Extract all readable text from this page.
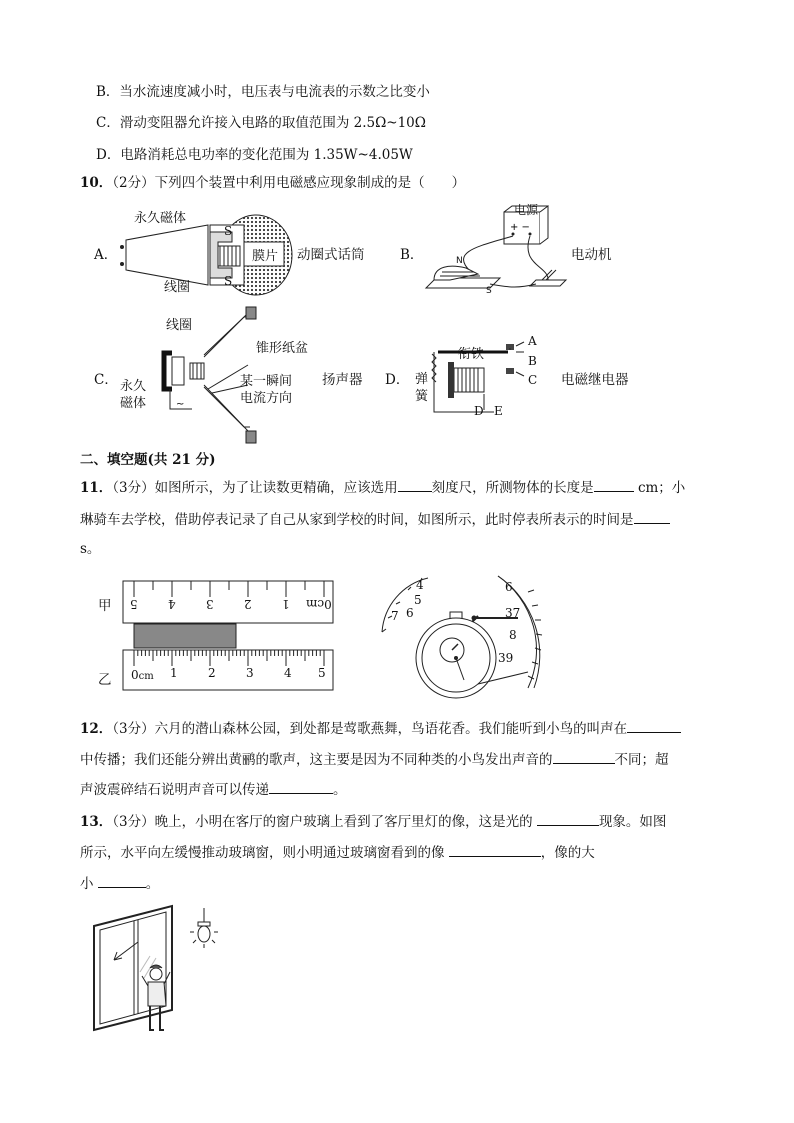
B．当水流速度减小时，电压表与电流表的示数之比变小
C．滑动变阻器允许接入电路的取值范围为 2.5Ω~10Ω
D．电路消耗总电功率的变化范围为 1.35W~4.05W
10．（2分）下列四个装置中利用电磁感应现象制成的是（　　）
A．
永久磁体
S
S
膜片
线圈
动圈式话筒	B．
+ −
电源
N
S
电动机
C．
~
线圈
锥形纸盆
永久
磁体
某一瞬间
电流方向
扬声器 D．
衔铁
弹
簧
A
B
C
D E
电磁继电器
二、填空题(共 21 分)
11．（3分）如图所示，为了让读数更精确，应该选用	刻度尺，所测物体的长度是	cm；小
琳骑车去学校，借助停表记录了自己从家到学校的时间，如图所示，此时停表所表示的时间是
s。
甲
乙
5	4	3	2	1	0cm
0cm 1	2	3	4 5
4
5
6
7
6
37
8
39
12．（3分）六月的潜山森林公园，到处都是莺歌燕舞，鸟语花香。我们能听到小鸟的叫声在
中传播；我们还能分辨出黄鹂的歌声，这主要是因为不同种类的小鸟发出声音的	不同；超
声波震碎结石说明声音可以传递	。
13．（3分）晚上，小明在客厅的窗户玻璃上看到了客厅里灯的像，这是光的	现象。如图
所示，水平向左缓慢推动玻璃窗，则小明通过玻璃窗看到的像	，像的大
小	。
